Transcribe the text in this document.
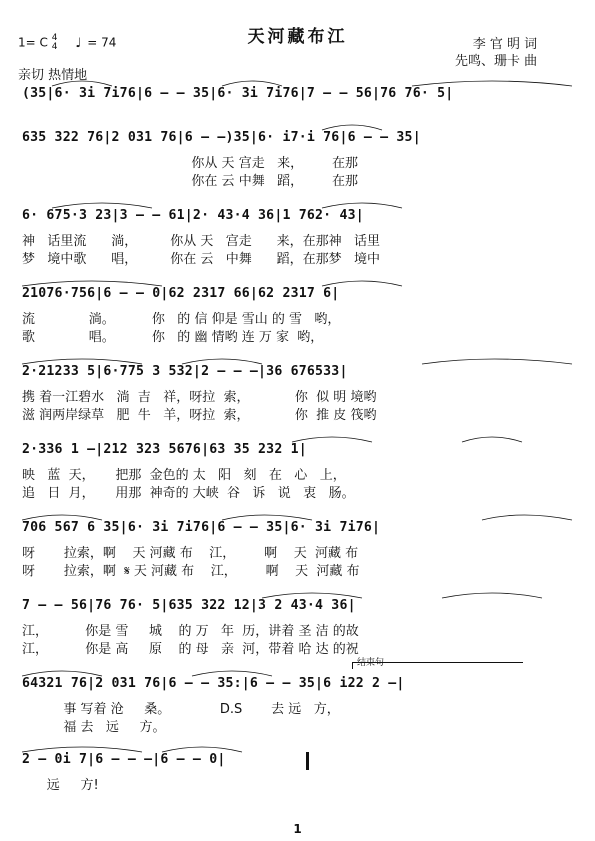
天河藏布江
1= C 4
4 ♩ = 74
亲切 热情地
李 官 明 词
先鸣、珊卡 曲
(35|6· 3i 7i76|6 — — 35|6· 3i 7i76|7 — — 56|76 76· 5|
635 322 76|2 031 76|6 — —)35|6· i7·i 76|6 — — 35|
你从 天 宫走   来，       在那
你在 云 中舞   蹈，       在那
6· 675·3 23|3 — — 61|2· 43·4 36|1 762· 43|
神   话里流      淌，        你从 天   宫走      来，在那神   话里
梦   境中歌      唱，        你在 云   中舞      蹈，在那梦   境中
21076·756|6 — — 0|62 2317 66|62 2317 6|
流             淌。         你   的 信 仰是 雪山 的 雪   哟，
歌             唱。         你   的 幽 情哟 连 万 家  哟，
2·21233 5|6·775 3 532|2 — — —|36 676533|
携 着一江碧水   淌  吉   祥，呀拉  索，           你  似 明 境哟
滋 润两岸绿草   肥  牛   羊，呀拉  索，           你  推 皮 筏哟
2·336 1 —|212 323 5676|63 35 232 1|
映   蓝  天，     把那  金色的 太   阳   刻   在   心   上，
追   日  月，     用那  神奇的 大峡  谷   诉   说   衷   肠。
706 567 6 35|6· 3i 7i76|6 — — 35|6· 3i 7i76|
呀       拉索，啊    天 河藏 布    江，       啊    天  河藏 布
呀       拉索，啊  𝄋 天 河藏 布    江，       啊    天  河藏 布
7 — — 56|76 76· 5|635 322 12|3 2 43·4 36|
江，         你是 雪     城    的 万   年  历，讲着 圣 洁 的故
江，         你是 高     原    的 母   亲  河，带着 哈 达 的祝
结束句
64321 76|2 031 76|6 — — 35:|6 — — 35|6 i22 2 —|
事 写着 沧     桑。            D.S       去 远   方，
福 去   远     方。
2 — 0i 7|6 — — —|6 — — 0|
远     方!
1
